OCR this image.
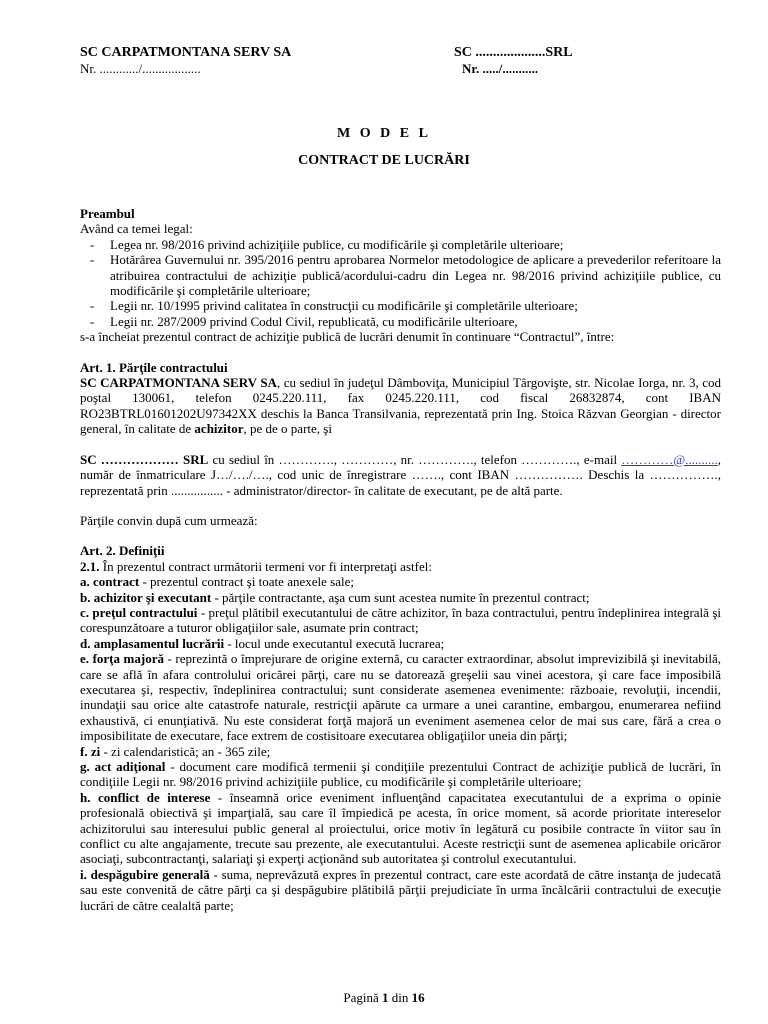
SC CARPATMONTANA SERV SA
Nr. ............/..................
SC ....................SRL
Nr. ...../...........
M O D E L
CONTRACT DE LUCRĂRI

Preambul

Având ca temei legal:

- Legea nr. 98/2016 privind achiziţiile publice, cu modificările şi completările ulterioare;
- Hotărârea Guvernului nr. 395/2016 pentru aprobarea Normelor metodologice de aplicare a prevederilor referitoare la atribuirea contractului de achiziţie publică/acordului-cadru din Legea nr. 98/2016 privind achiziţiile publice, cu modificările şi completările ulterioare;
- Legii nr. 10/1995 privind calitatea în construcţii cu modificările şi completările ulterioare;
- Legii nr. 287/2009 privind Codul Civil, republicată, cu modificările ulterioare,

s-a încheiat prezentul contract de achiziţie publică de lucrări denumit în continuare “Contractul”, între:

Art. 1. Părţile contractului

SC CARPATMONTANA SERV SA, cu sediul în judeţul Dâmboviţa, Municipiul Târgovişte, str. Nicolae Iorga, nr. 3, cod poştal 130061, telefon 0245.220.111, fax 0245.220.111, cod fiscal 26832874, cont IBAN RO23BTRL01601202U97342XX deschis la Banca Transilvania, reprezentată prin Ing. Stoica Răzvan Georgian - director general, în calitate de achizitor, pe de o parte, şi

SC ……………… SRL cu sediul în …………., …………, nr. …………., telefon …………., e-mail …………@.........., număr de înmatriculare J…/…./…., cod unic de înregistrare ……., cont IBAN ……………. Deschis la ……………., reprezentată prin ................ - administrator/director- în calitate de executant, pe de altă parte.

Părţile convin după cum urmează:

Art. 2. Definiţii

2.1. În prezentul contract următorii termeni vor fi interpretaţi astfel:

a. contract - prezentul contract şi toate anexele sale;

b. achizitor şi executant - părţile contractante, aşa cum sunt acestea numite în prezentul contract;

c. preţul contractului - preţul plătibil executantului de către achizitor, în baza contractului, pentru îndeplinirea integrală şi corespunzătoare a tuturor obligaţiilor sale, asumate prin contract;

d. amplasamentul lucrării - locul unde executantul execută lucrarea;

e. forţa majoră - reprezintă o împrejurare de origine externă, cu caracter extraordinar, absolut imprevizibilă şi inevitabilă, care se află în afara controlului oricărei părţi, care nu se datorează greşelii sau vinei acestora, şi care face imposibilă executarea şi, respectiv, îndeplinirea contractului; sunt considerate asemenea evenimente: războaie, revoluţii, incendii, inundaţii sau orice alte catastrofe naturale, restricţii apărute ca urmare a unei carantine, embargou, enumerarea nefiind exhaustivă, ci enunţiativă. Nu este considerat forţă majoră un eveniment asemenea celor de mai sus care, fără a crea o imposibilitate de executare, face extrem de costisitoare executarea obligaţiilor uneia din părţi;

f. zi - zi calendaristică; an - 365 zile;

g. act adiţional - document care modifică termenii şi condiţiile prezentului Contract de achiziţie publică de lucrări, în condiţiile Legii nr. 98/2016 privind achiziţiile publice, cu modificările şi completările ulterioare;

h. conflict de interese - înseamnă orice eveniment influenţând capacitatea executantului de a exprima o opinie profesională obiectivă şi imparţială, sau care îl împiedică pe acesta, în orice moment, să acorde prioritate intereselor achizitorului sau interesului public general al proiectului, orice motiv în legătură cu posibile contracte în viitor sau în conflict cu alte angajamente, trecute sau prezente, ale executantului. Aceste restricţii sunt de asemenea aplicabile oricăror asociaţi, subcontractanţi, salariaţi şi experţi acţionând sub autoritatea şi controlul executantului.

i. despăgubire generală - suma, neprevăzută expres în prezentul contract, care este acordată de către instanţa de judecată sau este convenită de către părţi ca şi despăgubire plătibilă părţii prejudiciate în urma încălcării contractului de execuţie lucrări de către cealaltă parte;

Pagină 1 din 16
